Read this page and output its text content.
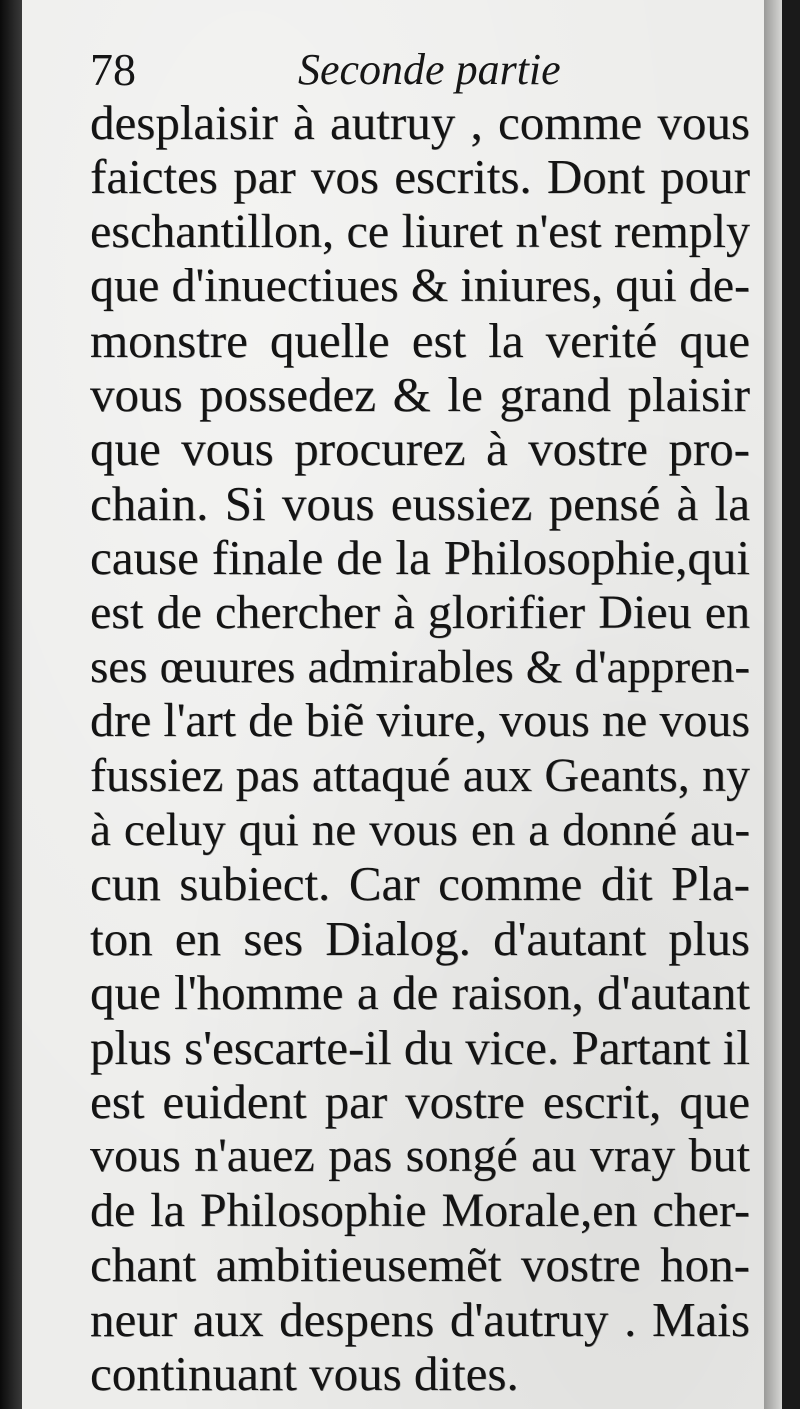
78	Seconde partie
desplaisir à autruy , comme vous
faictes par vos escrits. Dont pour
eschantillon, ce liuret n'est remply
que d'inuectiues & iniures, qui de-
monstre quelle est la verité que
vous possedez & le grand plaisir
que vous procurez à vostre pro-
chain. Si vous eussiez pensé à la
cause finale de la Philosophie,qui
est de chercher à glorifier Dieu en
ses œuures admirables & d'appren-
dre l'art de biẽ viure, vous ne vous
fussiez pas attaqué aux Geants, ny
à celuy qui ne vous en a donné au-
cun subiect. Car comme dit Pla-
ton en ses Dialog. d'autant plus
que l'homme a de raison, d'autant
plus s'escarte-il du vice. Partant il
est euident par vostre escrit, que
vous n'auez pas songé au vray but
de la Philosophie Morale,en cher-
chant ambitieusemẽt vostre hon-
neur aux despens d'autruy . Mais
continuant vous dites.
